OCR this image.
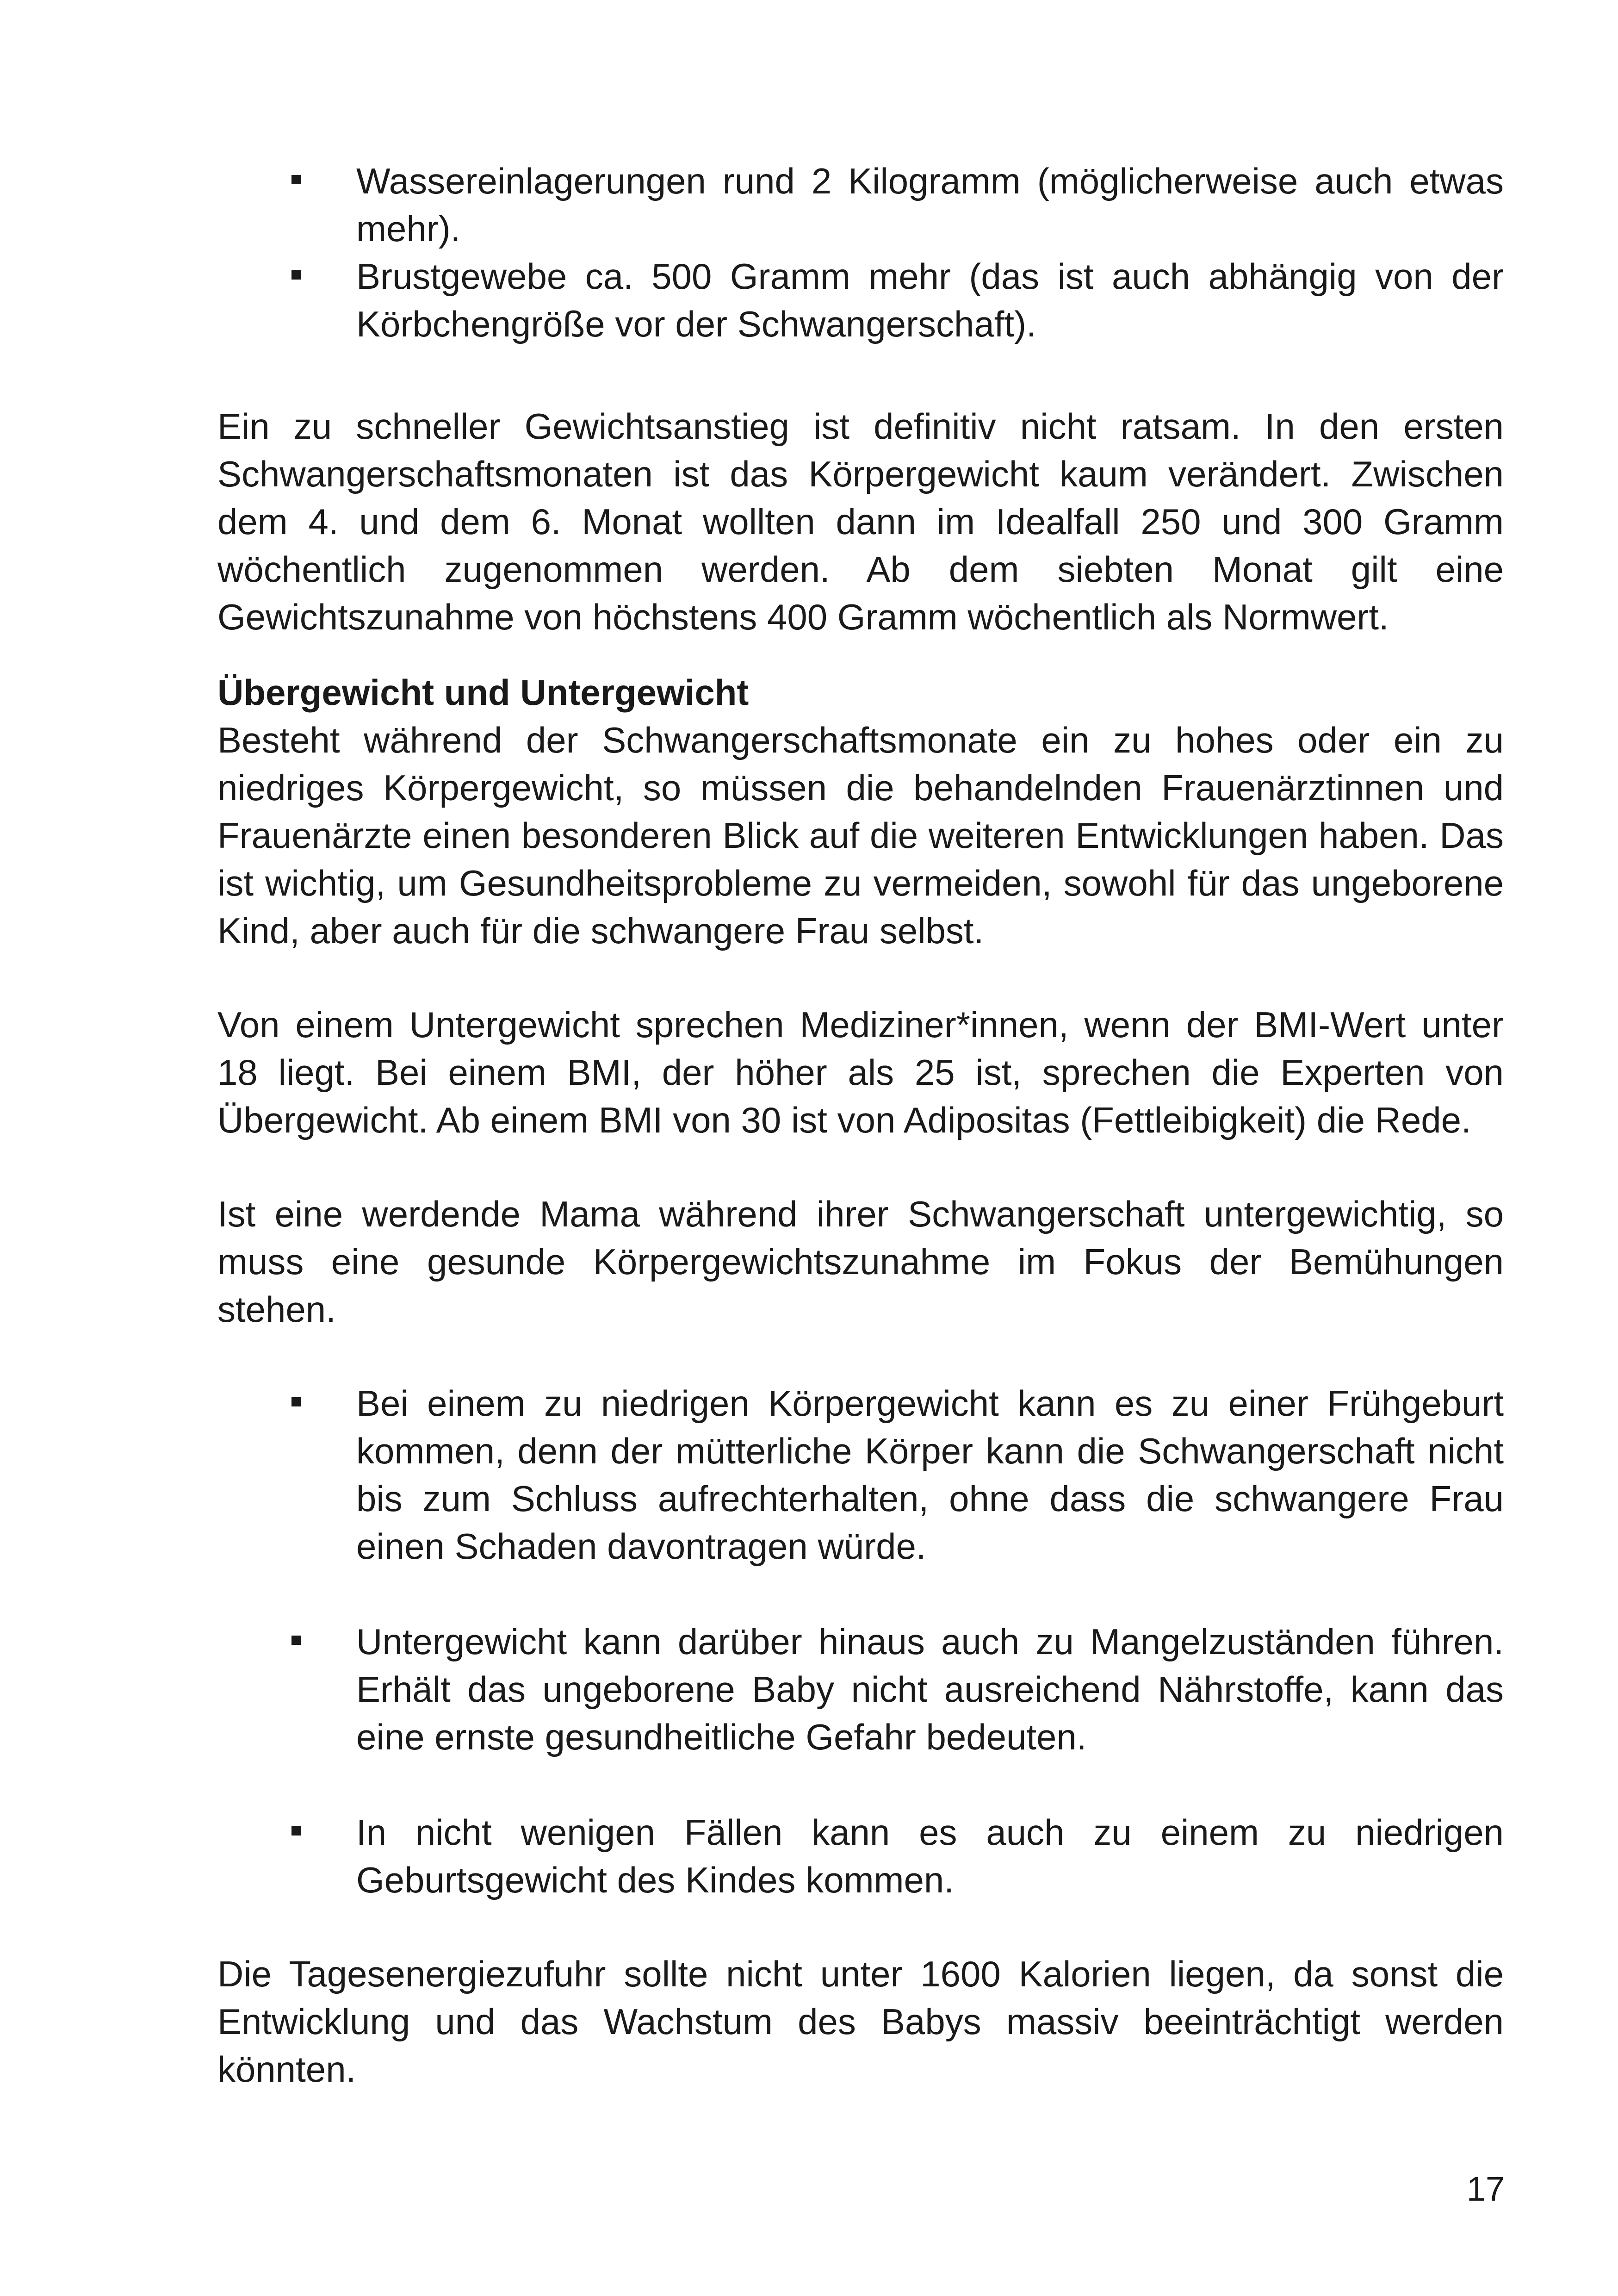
Wassereinlagerungen rund 2 Kilogramm (möglicherweise auch etwas mehr).
Brustgewebe ca. 500 Gramm mehr (das ist auch abhängig von der Körbchengröße vor der Schwangerschaft).

Ein zu schneller Gewichtsanstieg ist definitiv nicht ratsam. In den ersten Schwangerschaftsmonaten ist das Körpergewicht kaum verändert. Zwischen dem 4. und dem 6. Monat wollten dann im Idealfall 250 und 300 Gramm wöchentlich zugenommen werden. Ab dem siebten Monat gilt eine Gewichtszunahme von höchstens 400 Gramm wöchentlich als Normwert.

Übergewicht und Untergewicht

Besteht während der Schwangerschaftsmonate ein zu hohes oder ein zu niedriges Körpergewicht, so müssen die behandelnden Frauenärztinnen und Frauenärzte einen besonderen Blick auf die weiteren Entwicklungen haben. Das ist wichtig, um Gesundheitsprobleme zu vermeiden, sowohl für das ungeborene Kind, aber auch für die schwangere Frau selbst.

Von einem Untergewicht sprechen Mediziner*innen, wenn der BMI-Wert unter 18 liegt. Bei einem BMI, der höher als 25 ist, sprechen die Experten von Übergewicht. Ab einem BMI von 30 ist von Adipositas (Fettleibigkeit) die Rede.

Ist eine werdende Mama während ihrer Schwangerschaft untergewichtig, so muss eine gesunde Körpergewichtszunahme im Fokus der Bemühungen stehen.

Bei einem zu niedrigen Körpergewicht kann es zu einer Frühgeburt kommen, denn der mütterliche Körper kann die Schwangerschaft nicht bis zum Schluss aufrechterhalten, ohne dass die schwangere Frau einen Schaden davontragen würde.
Untergewicht kann darüber hinaus auch zu Mangelzuständen führen. Erhält das ungeborene Baby nicht ausreichend Nährstoffe, kann das eine ernste gesundheitliche Gefahr bedeuten.
In nicht wenigen Fällen kann es auch zu einem zu niedrigen Geburtsgewicht des Kindes kommen.

Die Tagesenergiezufuhr sollte nicht unter 1600 Kalorien liegen, da sonst die Entwicklung und das Wachstum des Babys massiv beeinträchtigt werden könnten.

17
